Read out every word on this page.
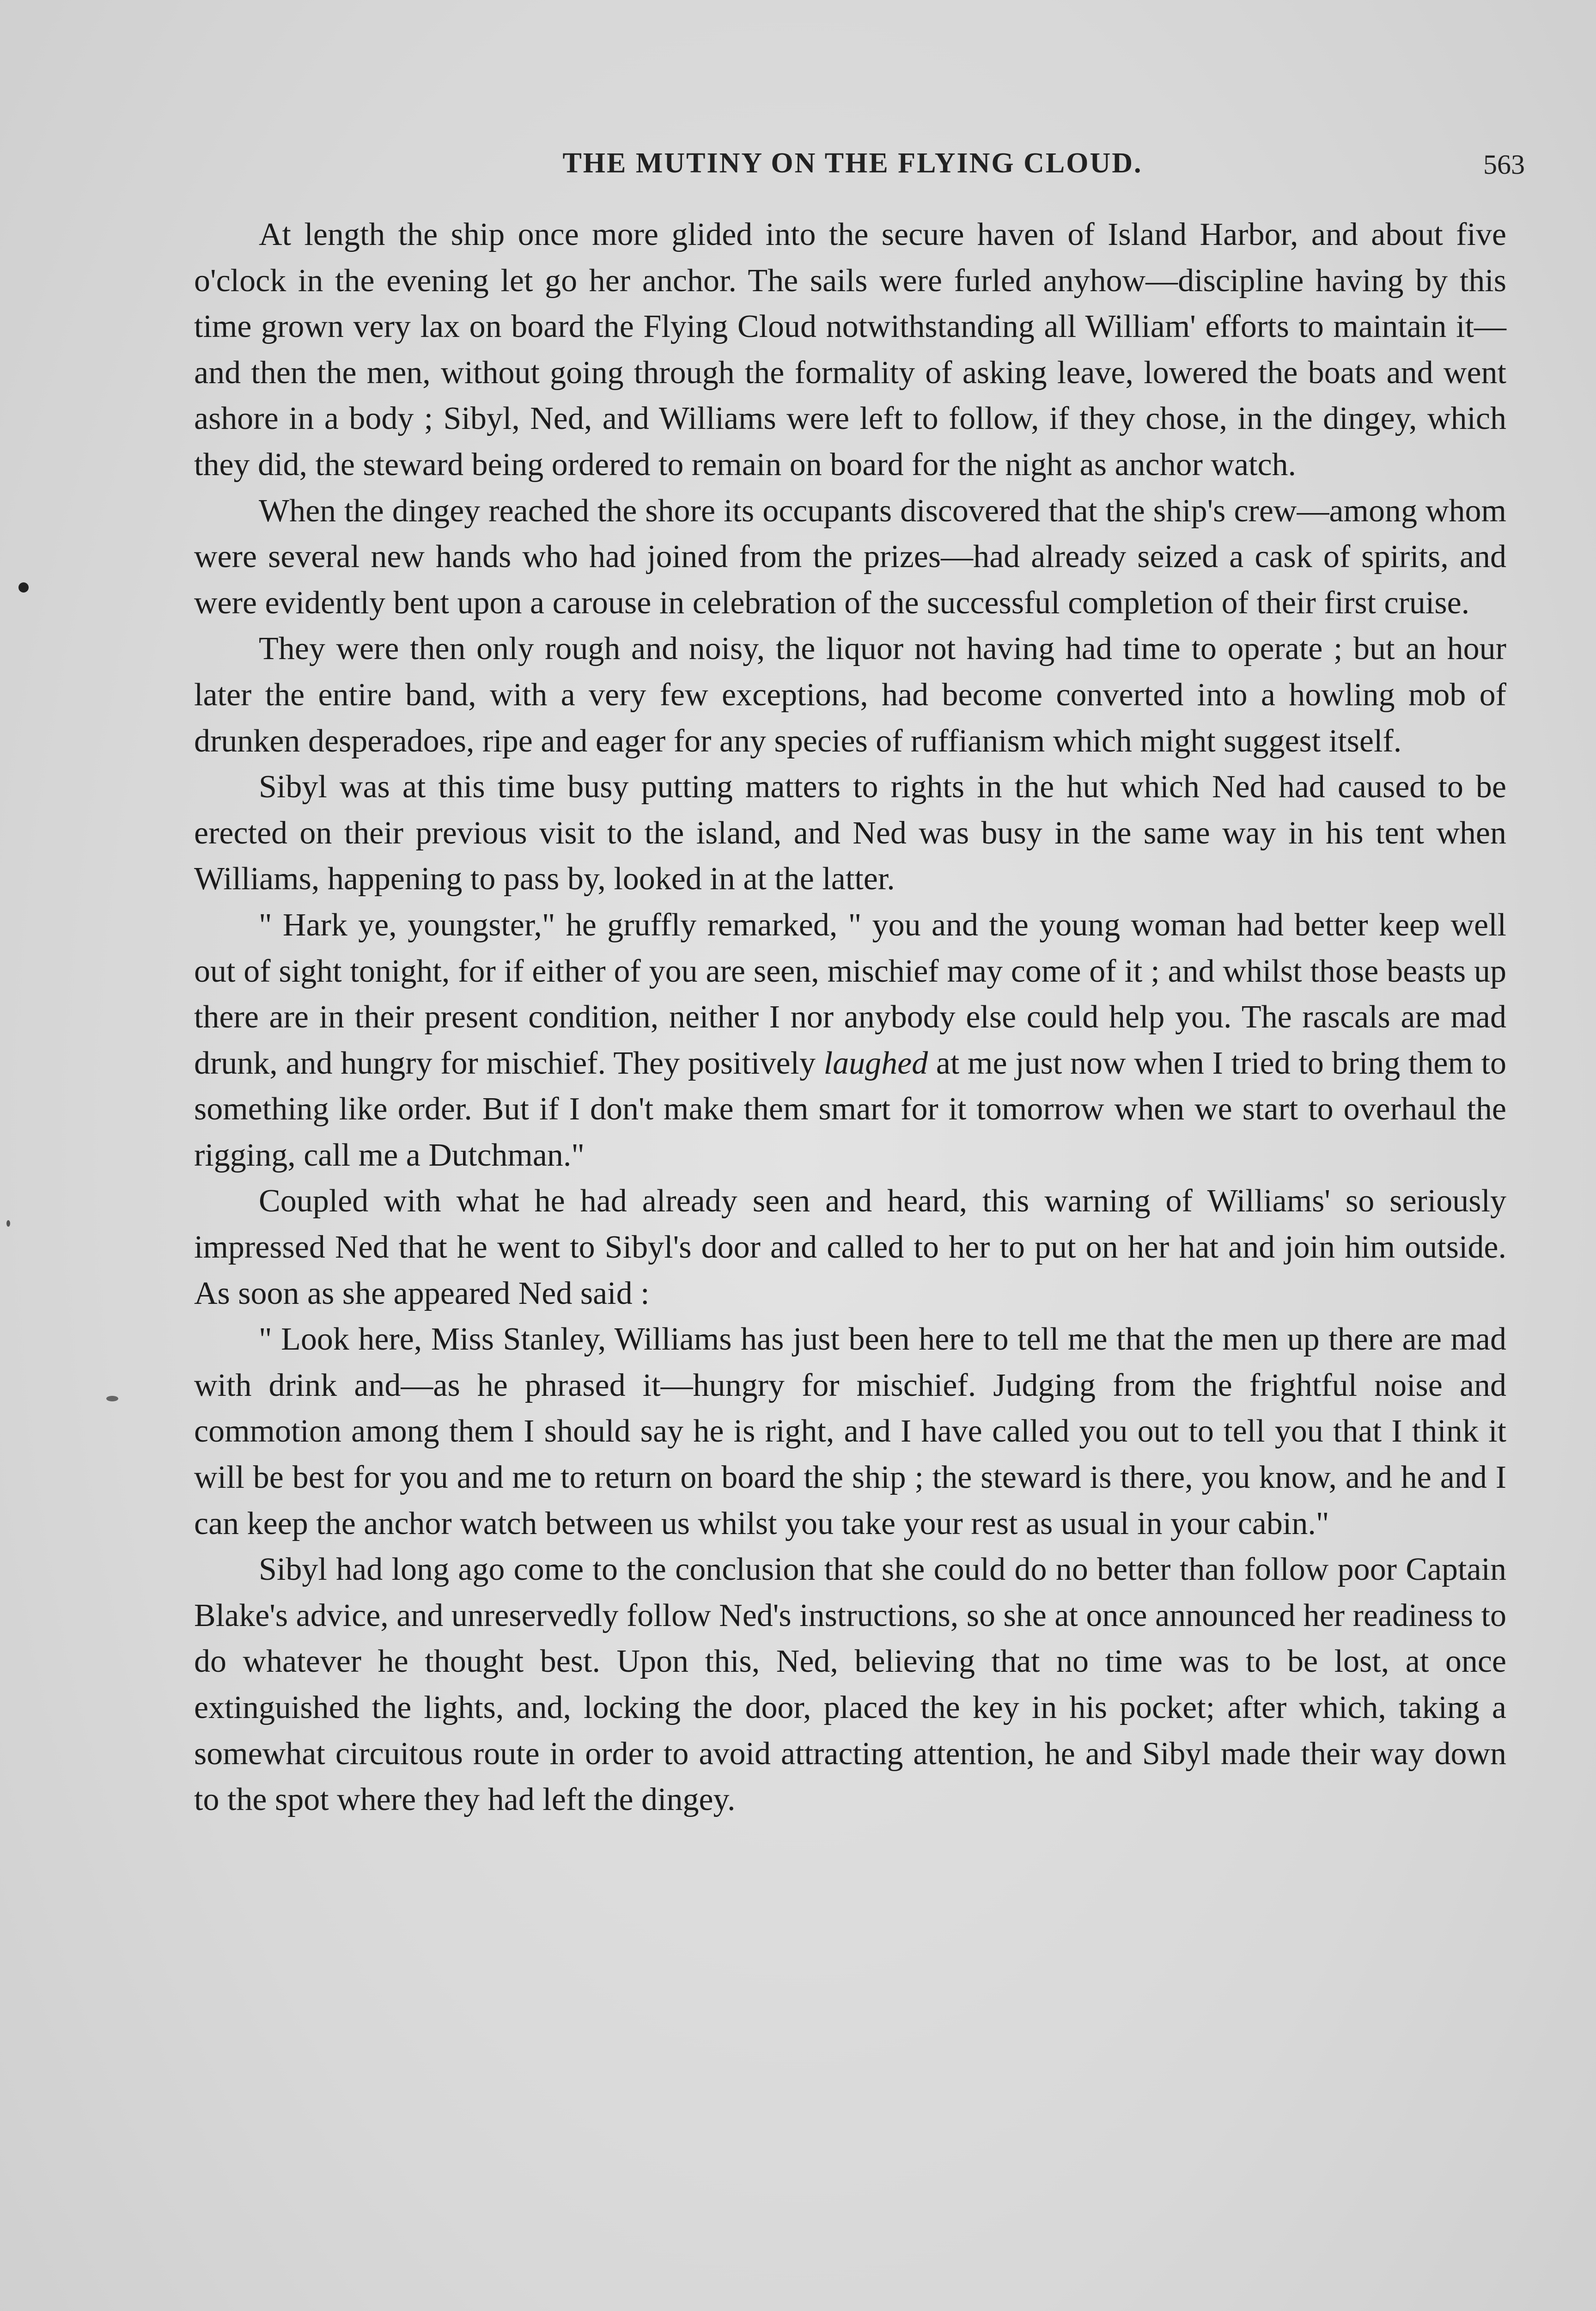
THE MUTINY ON THE FLYING CLOUD.	563

At length the ship once more glided into the secure haven of Island Harbor, and about five o'clock in the evening let go her anchor. The sails were furled anyhow—discipline having by this time grown very lax on board the Flying Cloud notwithstanding all William' efforts to maintain it—and then the men, without going through the formality of asking leave, lowered the boats and went ashore in a body ; Sibyl, Ned, and Williams were left to follow, if they chose, in the dingey, which they did, the steward being ordered to remain on board for the night as anchor watch.

When the dingey reached the shore its occupants discovered that the ship's crew—among whom were several new hands who had joined from the prizes—had already seized a cask of spirits, and were evidently bent upon a carouse in celebration of the successful completion of their first cruise.

They were then only rough and noisy, the liquor not having had time to operate ; but an hour later the entire band, with a very few exceptions, had become converted into a howling mob of drunken desperadoes, ripe and eager for any species of ruffianism which might suggest itself.

Sibyl was at this time busy putting matters to rights in the hut which Ned had caused to be erected on their previous visit to the island, and Ned was busy in the same way in his tent when Williams, happening to pass by, looked in at the latter.

" Hark ye, youngster," he gruffly remarked, " you and the young woman had better keep well out of sight tonight, for if either of you are seen, mischief may come of it ; and whilst those beasts up there are in their present condition, neither I nor anybody else could help you. The rascals are mad drunk, and hungry for mischief. They positively laughed at me just now when I tried to bring them to something like order. But if I don't make them smart for it tomorrow when we start to overhaul the rigging, call me a Dutchman."

Coupled with what he had already seen and heard, this warning of Williams' so seriously impressed Ned that he went to Sibyl's door and called to her to put on her hat and join him outside. As soon as she appeared Ned said :

" Look here, Miss Stanley, Williams has just been here to tell me that the men up there are mad with drink and—as he phrased it—hungry for mischief. Judging from the frightful noise and commotion among them I should say he is right, and I have called you out to tell you that I think it will be best for you and me to return on board the ship ; the steward is there, you know, and he and I can keep the anchor watch between us whilst you take your rest as usual in your cabin."

Sibyl had long ago come to the conclusion that she could do no better than follow poor Captain Blake's advice, and unreservedly follow Ned's instructions, so she at once announced her readiness to do whatever he thought best. Upon this, Ned, believing that no time was to be lost, at once extinguished the lights, and, locking the door, placed the key in his pocket; after which, taking a somewhat circuitous route in order to avoid attracting attention, he and Sibyl made their way down to the spot where they had left the dingey.
